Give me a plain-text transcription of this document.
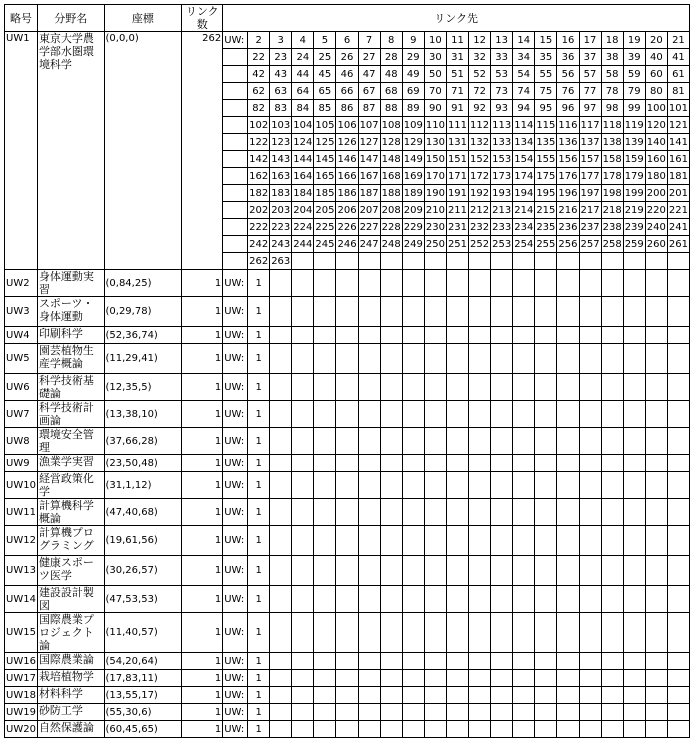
略号	分野名	座標	リンク数	リンク先																				
UW1	東京大学農学部水圏環境科学	(0,0,0)	262	UW:	2	3	4	5	6	7	8	9	10	11	12	13	14	15	16	17	18	19	20	21
					22	23	24	25	26	27	28	29	30	31	32	33	34	35	36	37	38	39	40	41
					42	43	44	45	46	47	48	49	50	51	52	53	54	55	56	57	58	59	60	61
					62	63	64	65	66	67	68	69	70	71	72	73	74	75	76	77	78	79	80	81
					82	83	84	85	86	87	88	89	90	91	92	93	94	95	96	97	98	99	100	101
					102	103	104	105	106	107	108	109	110	111	112	113	114	115	116	117	118	119	120	121
					122	123	124	125	126	127	128	129	130	131	132	133	134	135	136	137	138	139	140	141
					142	143	144	145	146	147	148	149	150	151	152	153	154	155	156	157	158	159	160	161
					162	163	164	165	166	167	168	169	170	171	172	173	174	175	176	177	178	179	180	181
					182	183	184	185	186	187	188	189	190	191	192	193	194	195	196	197	198	199	200	201
					202	203	204	205	206	207	208	209	210	211	212	213	214	215	216	217	218	219	220	221
					222	223	224	225	226	227	228	229	230	231	232	233	234	235	236	237	238	239	240	241
					242	243	244	245	246	247	248	249	250	251	252	253	254	255	256	257	258	259	260	261
					262	263																		
UW2	身体運動実習	(0,84,25)	1	UW:	1																			
UW3	スポーツ・身体運動	(0,29,78)	1	UW:	1																			
UW4	印刷科学	(52,36,74)	1	UW:	1																			
UW5	園芸植物生産学概論	(11,29,41)	1	UW:	1																			
UW6	科学技術基礎論	(12,35,5)	1	UW:	1																			
UW7	科学技術計画論	(13,38,10)	1	UW:	1																			
UW8	環境安全管理	(37,66,28)	1	UW:	1																			
UW9	漁業学実習	(23,50,48)	1	UW:	1																			
UW10	経営政策化学	(31,1,12)	1	UW:	1																			
UW11	計算機科学概論	(47,40,68)	1	UW:	1																			
UW12	計算機プログラミング	(19,61,56)	1	UW:	1																			
UW13	健康スポーツ医学	(30,26,57)	1	UW:	1																			
UW14	建設設計製図	(47,53,53)	1	UW:	1																			
UW15	国際農業プロジェクト論	(11,40,57)	1	UW:	1																			
UW16	国際農業論	(54,20,64)	1	UW:	1																			
UW17	栽培植物学	(17,83,11)	1	UW:	1																			
UW18	材料科学	(13,55,17)	1	UW:	1																			
UW19	砂防工学	(55,30,6)	1	UW:	1																			
UW20	自然保護論	(60,45,65)	1	UW:	1																			
